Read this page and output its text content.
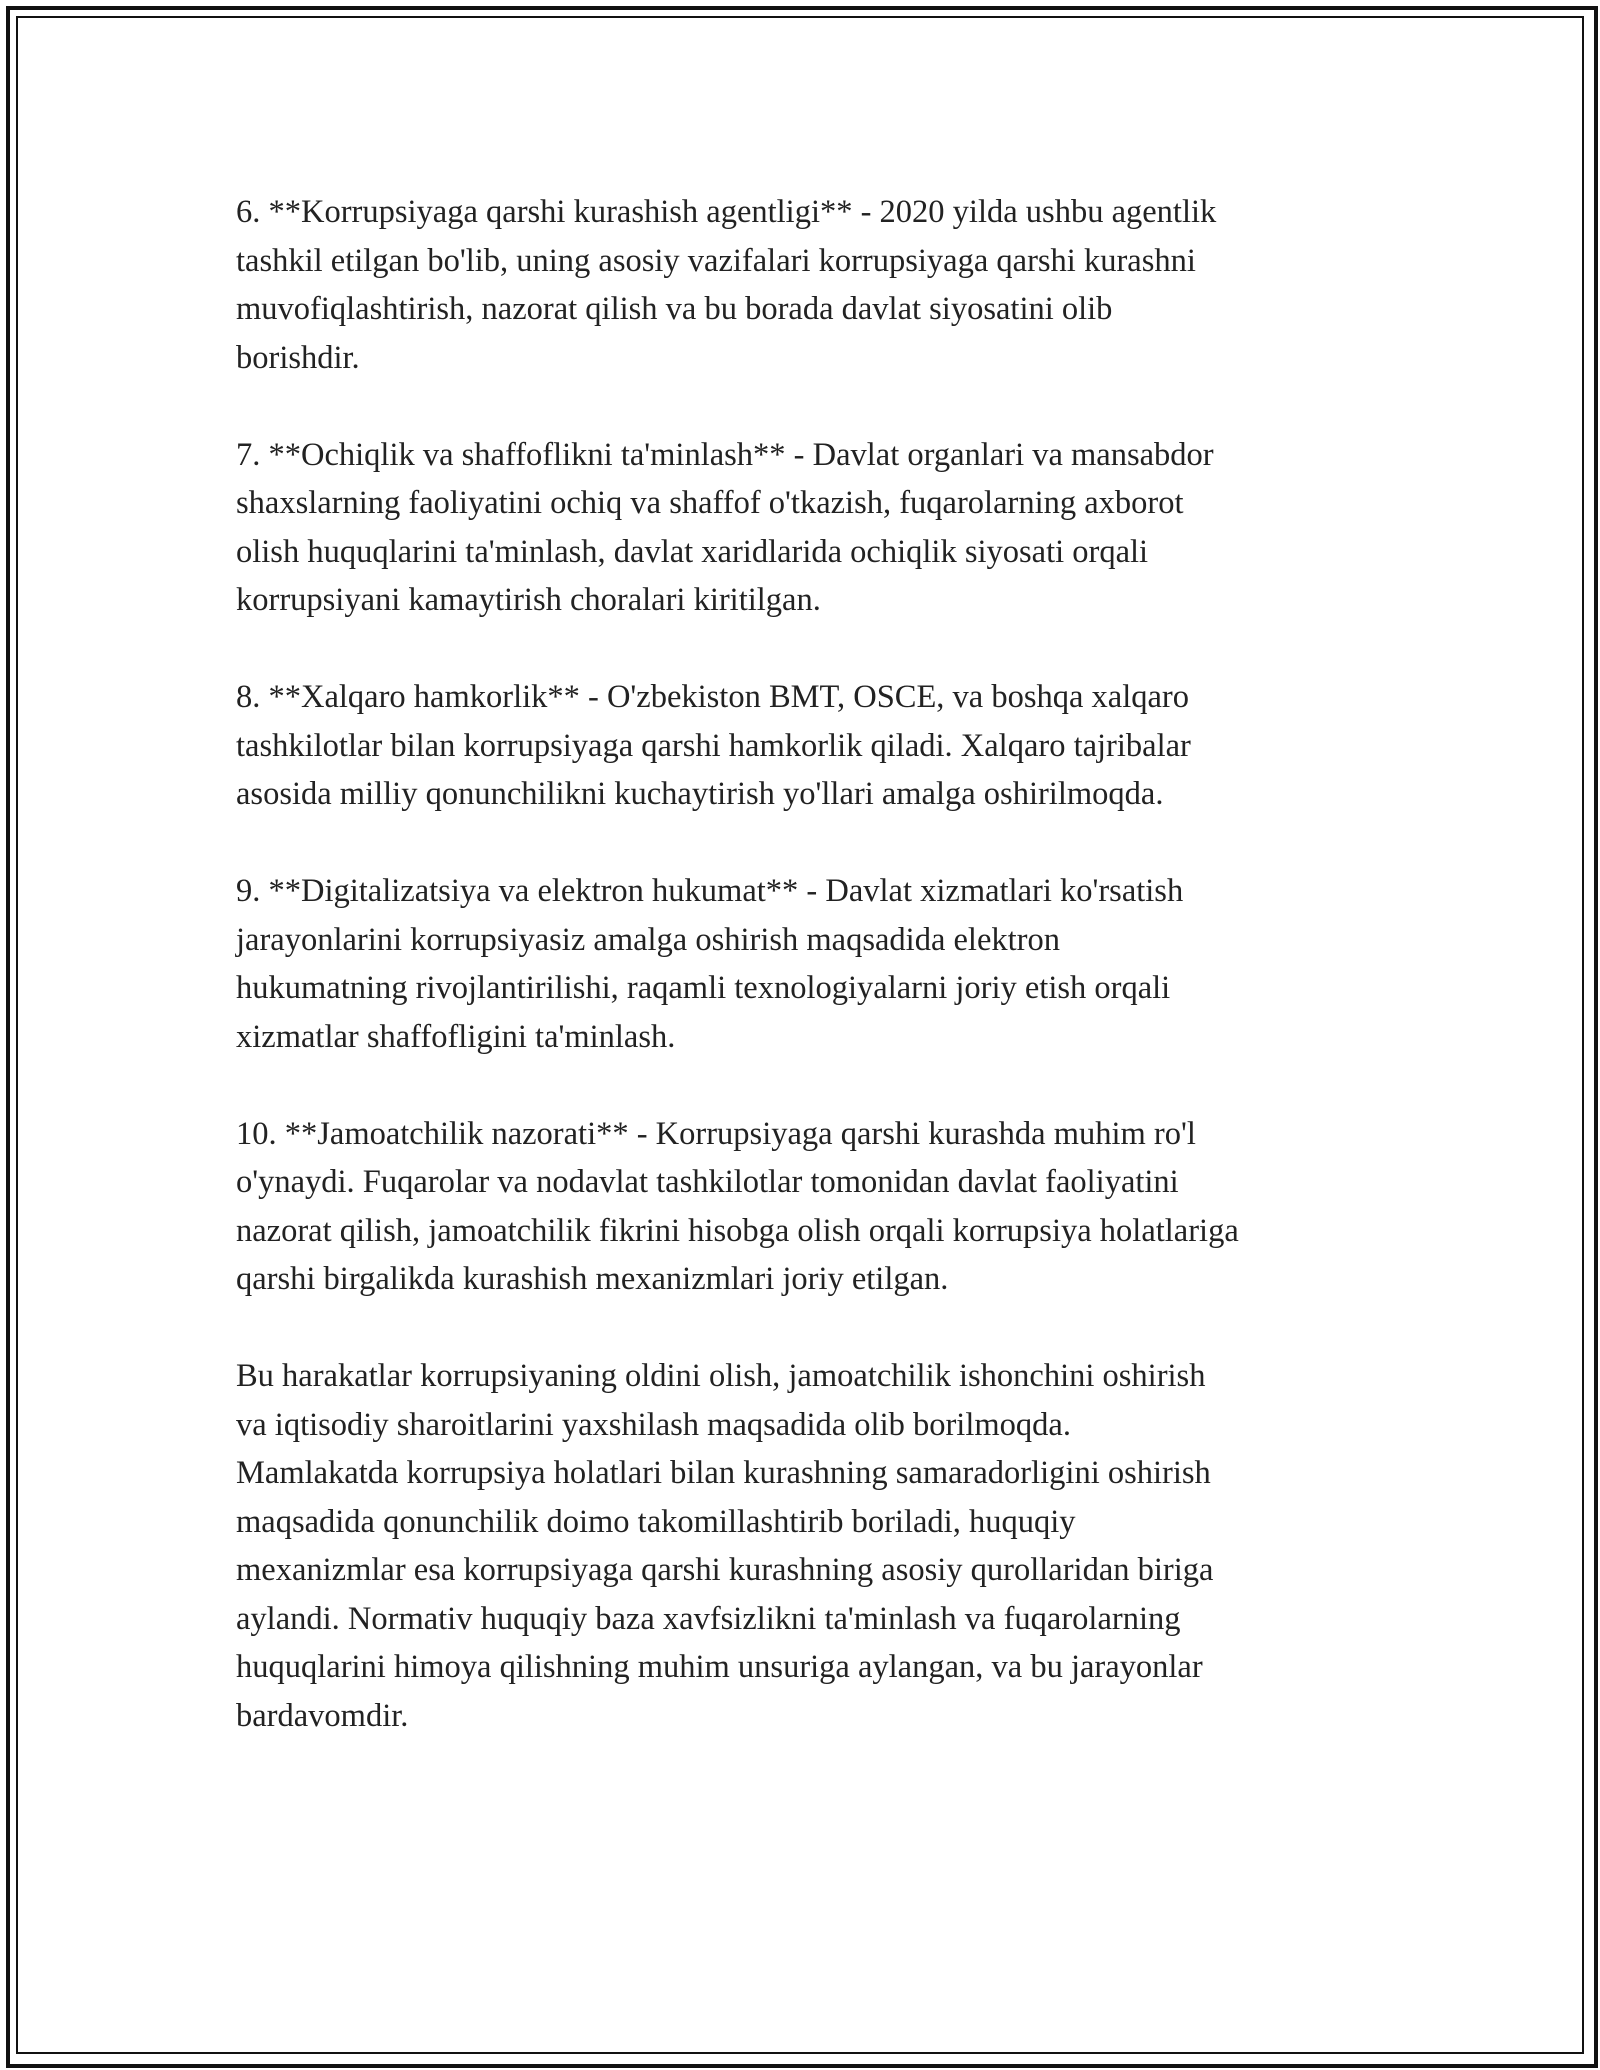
6. **Korrupsiyaga qarshi kurashish agentligi** - 2020 yilda ushbu agentlik
tashkil etilgan bo'lib, uning asosiy vazifalari korrupsiyaga qarshi kurashni
muvofiqlashtirish, nazorat qilish va bu borada davlat siyosatini olib
borishdir.

7. **Ochiqlik va shaffoflikni ta'minlash** - Davlat organlari va mansabdor
shaxslarning faoliyatini ochiq va shaffof o'tkazish, fuqarolarning axborot
olish huquqlarini ta'minlash, davlat xaridlarida ochiqlik siyosati orqali
korrupsiyani kamaytirish choralari kiritilgan.

8. **Xalqaro hamkorlik** - O'zbekiston BMT, OSCE, va boshqa xalqaro
tashkilotlar bilan korrupsiyaga qarshi hamkorlik qiladi. Xalqaro tajribalar
asosida milliy qonunchilikni kuchaytirish yo'llari amalga oshirilmoqda.

9. **Digitalizatsiya va elektron hukumat** - Davlat xizmatlari ko'rsatish
jarayonlarini korrupsiyasiz amalga oshirish maqsadida elektron
hukumatning rivojlantirilishi, raqamli texnologiyalarni joriy etish orqali
xizmatlar shaffofligini ta'minlash.

10. **Jamoatchilik nazorati** - Korrupsiyaga qarshi kurashda muhim ro'l
o'ynaydi. Fuqarolar va nodavlat tashkilotlar tomonidan davlat faoliyatini
nazorat qilish, jamoatchilik fikrini hisobga olish orqali korrupsiya holatlariga
qarshi birgalikda kurashish mexanizmlari joriy etilgan.

Bu harakatlar korrupsiyaning oldini olish, jamoatchilik ishonchini oshirish
va iqtisodiy sharoitlarini yaxshilash maqsadida olib borilmoqda.
Mamlakatda korrupsiya holatlari bilan kurashning samaradorligini oshirish
maqsadida qonunchilik doimo takomillashtirib boriladi, huquqiy
mexanizmlar esa korrupsiyaga qarshi kurashning asosiy qurollaridan biriga
aylandi. Normativ huquqiy baza xavfsizlikni ta'minlash va fuqarolarning
huquqlarini himoya qilishning muhim unsuriga aylangan, va bu jarayonlar
bardavomdir.
